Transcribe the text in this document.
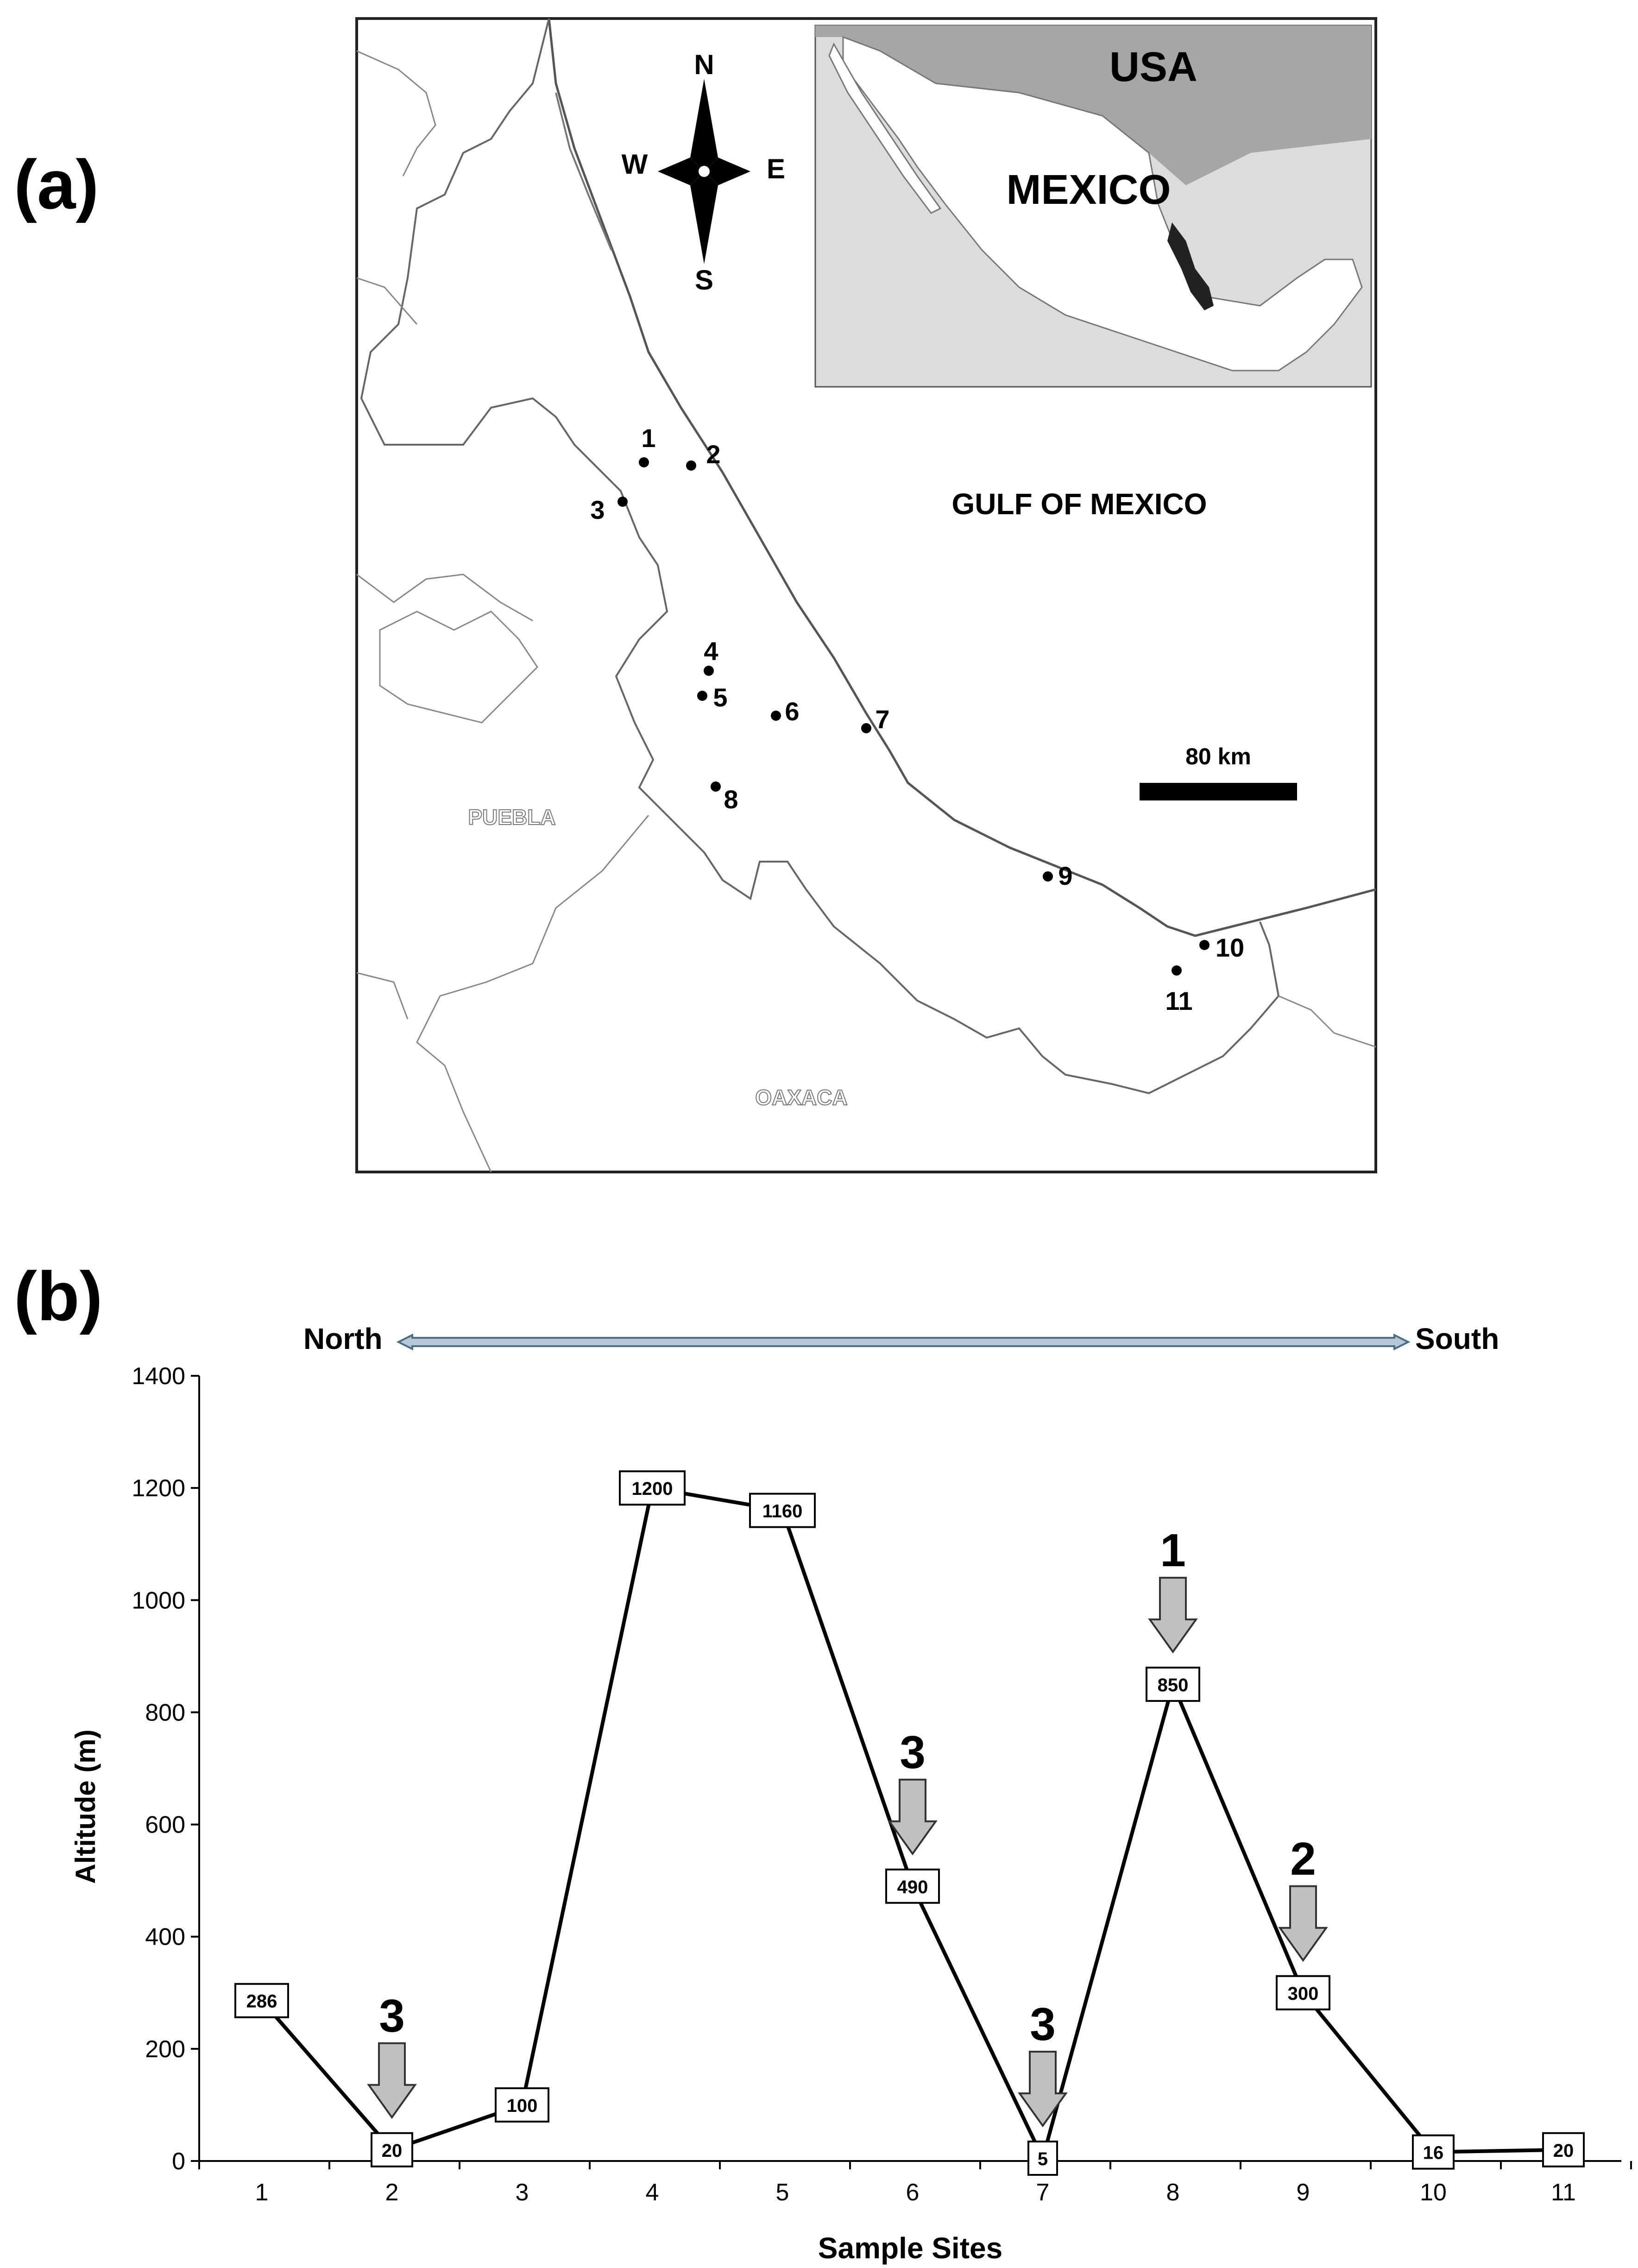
(a)
N
S
W	E
USA
MEXICO
GULF OF MEXICO
80 km
PUEBLA
OAXACA
1
2
3
4
5 6	7
8
9
10
11
(b)
North	South
Altitude (m)
Sample Sites
0
200
400
600
800
1000
1200
1400
1	2	3	4	5	6	7	8	9	10	11
3
3
3
1
2
286
20
100
1200
1160
490
5
850
300
16	20
